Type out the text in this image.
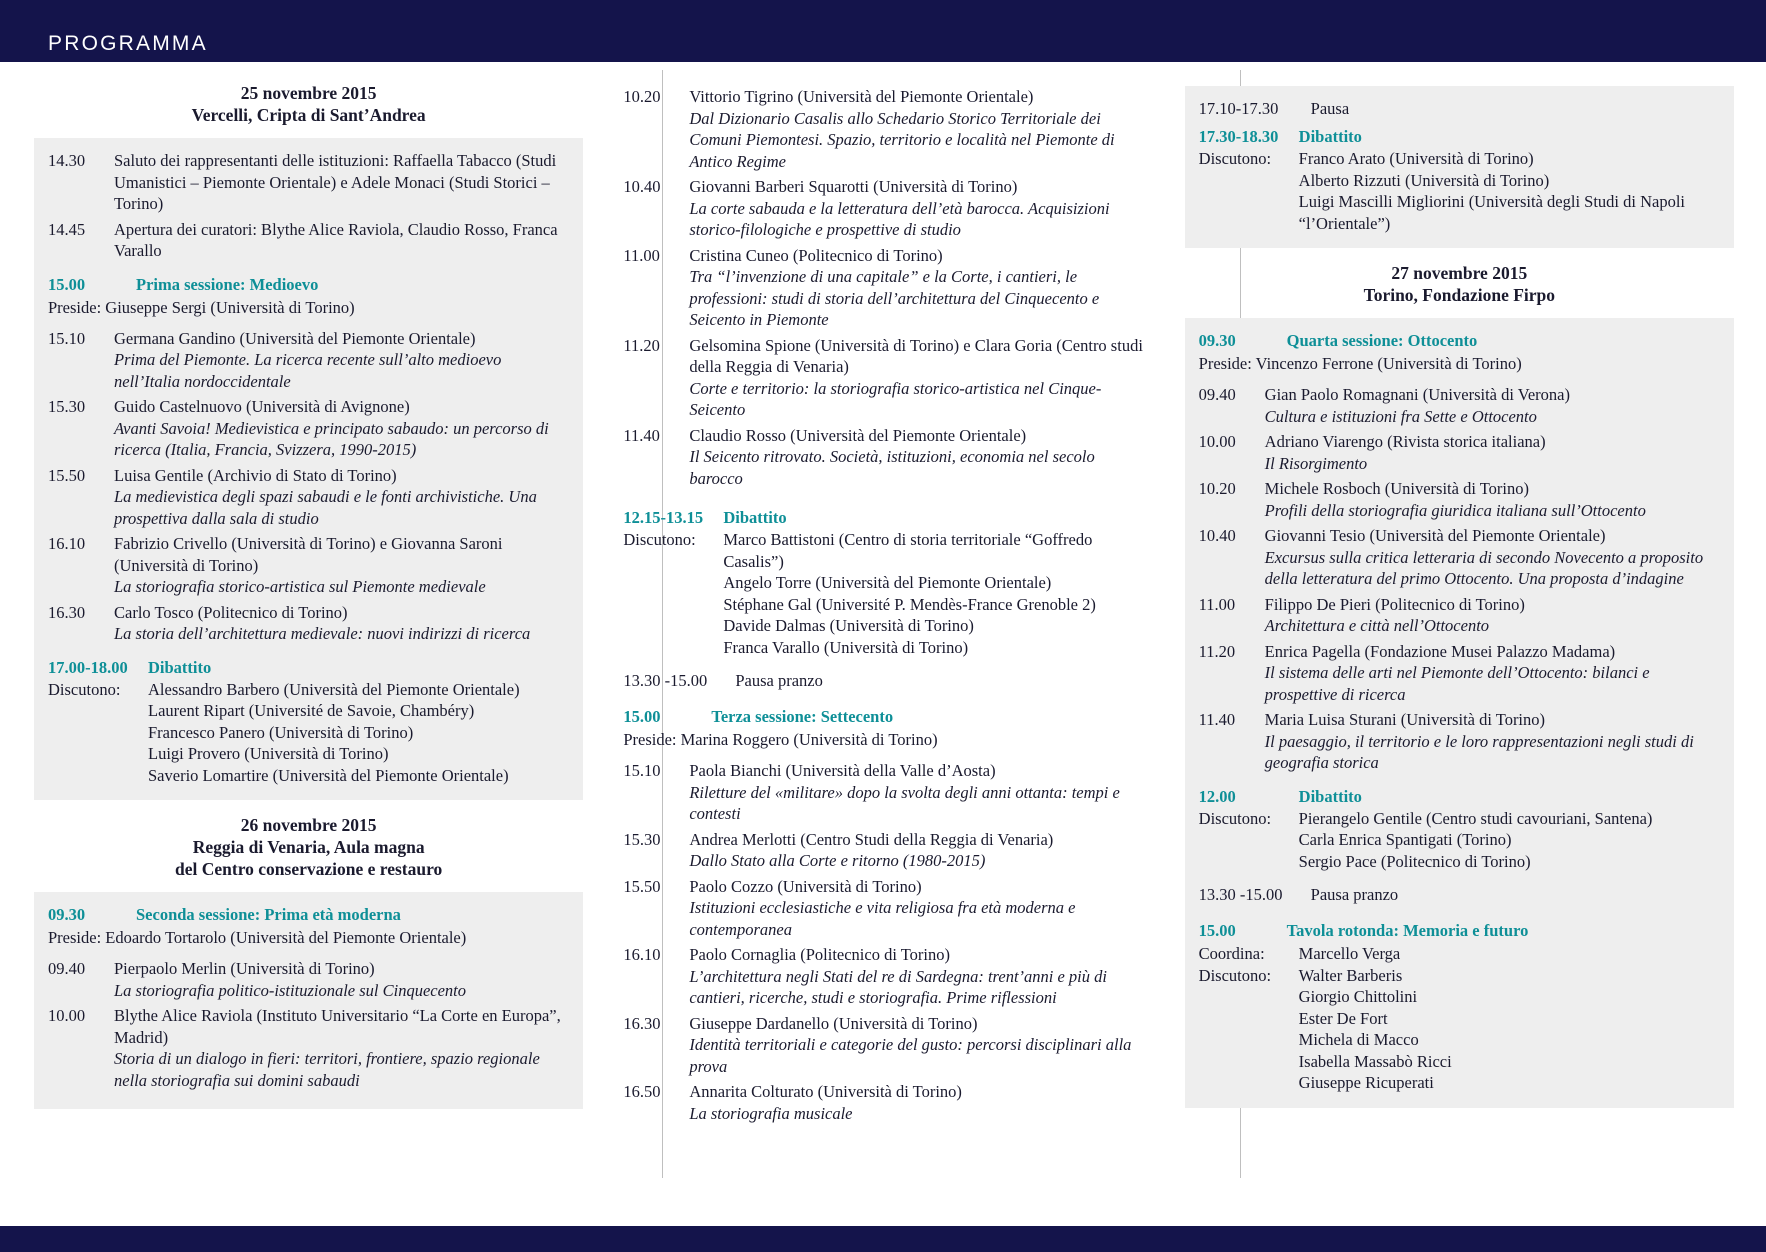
PROGRAMMA
25 novembre 2015
Vercelli, Cripta di Sant’Andrea
14.30	Saluto dei rappresentanti delle istituzioni: Raffaella Tabacco (Studi Umanistici – Piemonte Orientale) e Adele Monaci (Studi Storici – Torino)
14.45	Apertura dei curatori: Blythe Alice Raviola, Claudio Rosso, Franca Varallo
15.00	Prima sessione: Medioevo
Preside: Giuseppe Sergi (Università di Torino)
15.10	Germana Gandino (Università del Piemonte Orientale)
Prima del Piemonte. La ricerca recente sull’alto medioevo nell’Italia nordoccidentale
15.30	Guido Castelnuovo (Università di Avignone)
Avanti Savoia! Medievistica e principato sabaudo: un percorso di ricerca (Italia, Francia, Svizzera, 1990-2015)
15.50	Luisa Gentile (Archivio di Stato di Torino)
La medievistica degli spazi sabaudi e le fonti archivistiche. Una prospettiva dalla sala di studio
16.10	Fabrizio Crivello (Università di Torino) e Giovanna Saroni (Università di Torino)
La storiografia storico-artistica sul Piemonte medievale
16.30	Carlo Tosco (Politecnico di Torino)
La storia dell’architettura medievale: nuovi indirizzi di ricerca
17.00-18.00	Dibattito
Discutono:	Alessandro Barbero (Università del Piemonte Orientale)
Laurent Ripart (Université de Savoie, Chambéry)
Francesco Panero (Università di Torino)
Luigi Provero (Università di Torino)
Saverio Lomartire (Università del Piemonte Orientale)
26 novembre 2015
Reggia di Venaria, Aula magna
del Centro conservazione e restauro
09.30	Seconda sessione: Prima età moderna
Preside: Edoardo Tortarolo (Università del Piemonte Orientale)
09.40	Pierpaolo Merlin (Università di Torino)
La storiografia politico-istituzionale sul Cinquecento
10.00	Blythe Alice Raviola (Instituto Universitario “La Corte en Europa”, Madrid)
Storia di un dialogo in fieri: territori, frontiere, spazio regionale nella storiografia sui domini sabaudi
10.20	Vittorio Tigrino (Università del Piemonte Orientale)
Dal Dizionario Casalis allo Schedario Storico Territoriale dei Comuni Piemontesi. Spazio, territorio e località nel Piemonte di Antico Regime
10.40	Giovanni Barberi Squarotti (Università di Torino)
La corte sabauda e la letteratura dell’età barocca. Acquisizioni storico-filologiche e prospettive di studio
11.00	Cristina Cuneo (Politecnico di Torino)
Tra “l’invenzione di una capitale” e la Corte, i cantieri, le professioni: studi di storia dell’architettura del Cinquecento e Seicento in Piemonte
11.20	Gelsomina Spione (Università di Torino) e Clara Goria (Centro studi della Reggia di Venaria)
Corte e territorio: la storiografia storico-artistica nel Cinque-Seicento
11.40	Claudio Rosso (Università del Piemonte Orientale)
Il Seicento ritrovato. Società, istituzioni, economia nel secolo barocco
12.15-13.15	Dibattito
Discutono:	Marco Battistoni (Centro di storia territoriale “Goffredo Casalis”)
Angelo Torre (Università del Piemonte Orientale)
Stéphane Gal (Université P. Mendès-France Grenoble 2)
Davide Dalmas (Università di Torino)
Franca Varallo (Università di Torino)
13.30 -15.00	Pausa pranzo
15.00	Terza sessione: Settecento
Preside: Marina Roggero (Università di Torino)
15.10	Paola Bianchi (Università della Valle d’Aosta)
Riletture del «militare» dopo la svolta degli anni ottanta: tempi e contesti
15.30	Andrea Merlotti (Centro Studi della Reggia di Venaria)
Dallo Stato alla Corte e ritorno (1980-2015)
15.50	Paolo Cozzo (Università di Torino)
Istituzioni ecclesiastiche e vita religiosa fra età moderna e contemporanea
16.10	Paolo Cornaglia (Politecnico di Torino)
L’architettura negli Stati del re di Sardegna: trent’anni e più di cantieri, ricerche, studi e storiografia. Prime riflessioni
16.30	Giuseppe Dardanello (Università di Torino)
Identità territoriali e categorie del gusto: percorsi disciplinari alla prova
16.50	Annarita Colturato (Università di Torino)
La storiografia musicale
17.10-17.30	Pausa
17.30-18.30	Dibattito
Discutono:	Franco Arato (Università di Torino)
Alberto Rizzuti (Università di Torino)
Luigi Mascilli Migliorini (Università degli Studi di Napoli “l’Orientale”)
27 novembre 2015
Torino, Fondazione Firpo
09.30	Quarta sessione: Ottocento
Preside: Vincenzo Ferrone (Università di Torino)
09.40	Gian Paolo Romagnani (Università di Verona)
Cultura e istituzioni fra Sette e Ottocento
10.00	Adriano Viarengo (Rivista storica italiana)
Il Risorgimento
10.20	Michele Rosboch (Università di Torino)
Profili della storiografia giuridica italiana sull’Ottocento
10.40	Giovanni Tesio (Università del Piemonte Orientale)
Excursus sulla critica letteraria di secondo Novecento a proposito della letteratura del primo Ottocento. Una proposta d’indagine
11.00	Filippo De Pieri (Politecnico di Torino)
Architettura e città nell’Ottocento
11.20	Enrica Pagella (Fondazione Musei Palazzo Madama)
Il sistema delle arti nel Piemonte dell’Ottocento: bilanci e prospettive di ricerca
11.40	Maria Luisa Sturani (Università di Torino)
Il paesaggio, il territorio e le loro rappresentazioni negli studi di geografia storica
12.00	Dibattito
Discutono:	Pierangelo Gentile (Centro studi cavouriani, Santena)
Carla Enrica Spantigati (Torino)
Sergio Pace (Politecnico di Torino)
13.30 -15.00	Pausa pranzo
15.00	Tavola rotonda: Memoria e futuro
Coordina:	Marcello Verga
Discutono:	Walter Barberis
Giorgio Chittolini
Ester De Fort
Michela di Macco
Isabella Massabò Ricci
Giuseppe Ricuperati
